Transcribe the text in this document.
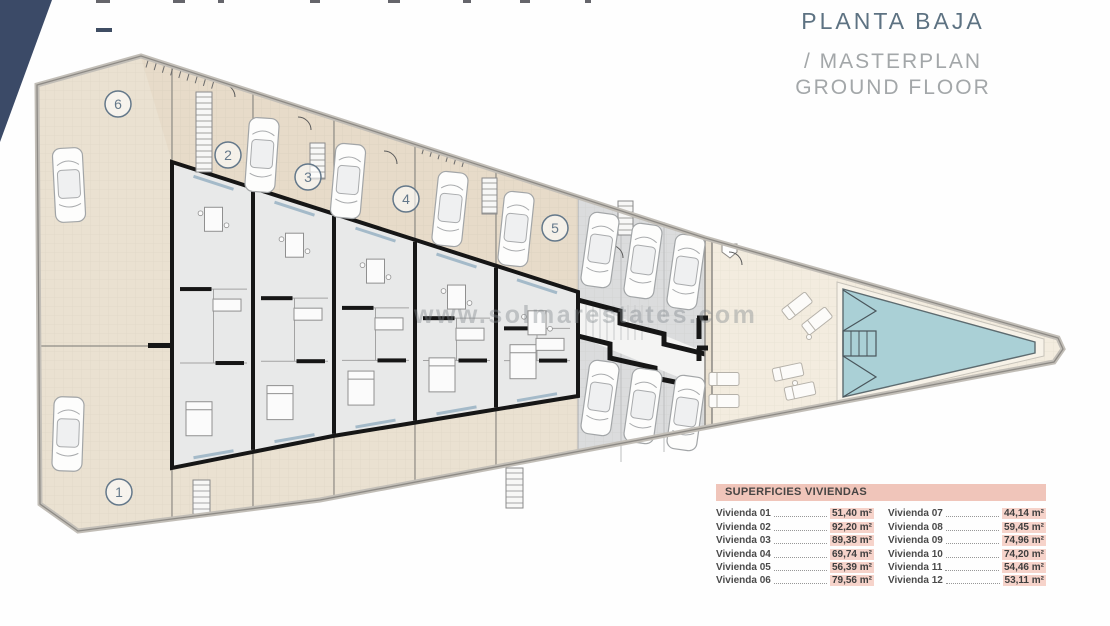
1
2
3
4
5
6
www.solmarestates.com
PLANTA BAJA
/ MASTERPLAN
GROUND FLOOR
SUPERFICIES VIVIENDAS
Vivienda 01	51,40 m²
Vivienda 02	92,20 m²
Vivienda 03	89,38 m²
Vivienda 04	69,74 m²
Vivienda 05	56,39 m²
Vivienda 06	79,56 m²
Vivienda 07	44,14 m²
Vivienda 08	59,45 m²
Vivienda 09	74,96 m²
Vivienda 10	74,20 m²
Vivienda 11	54,46 m²
Vivienda 12	53,11 m²
